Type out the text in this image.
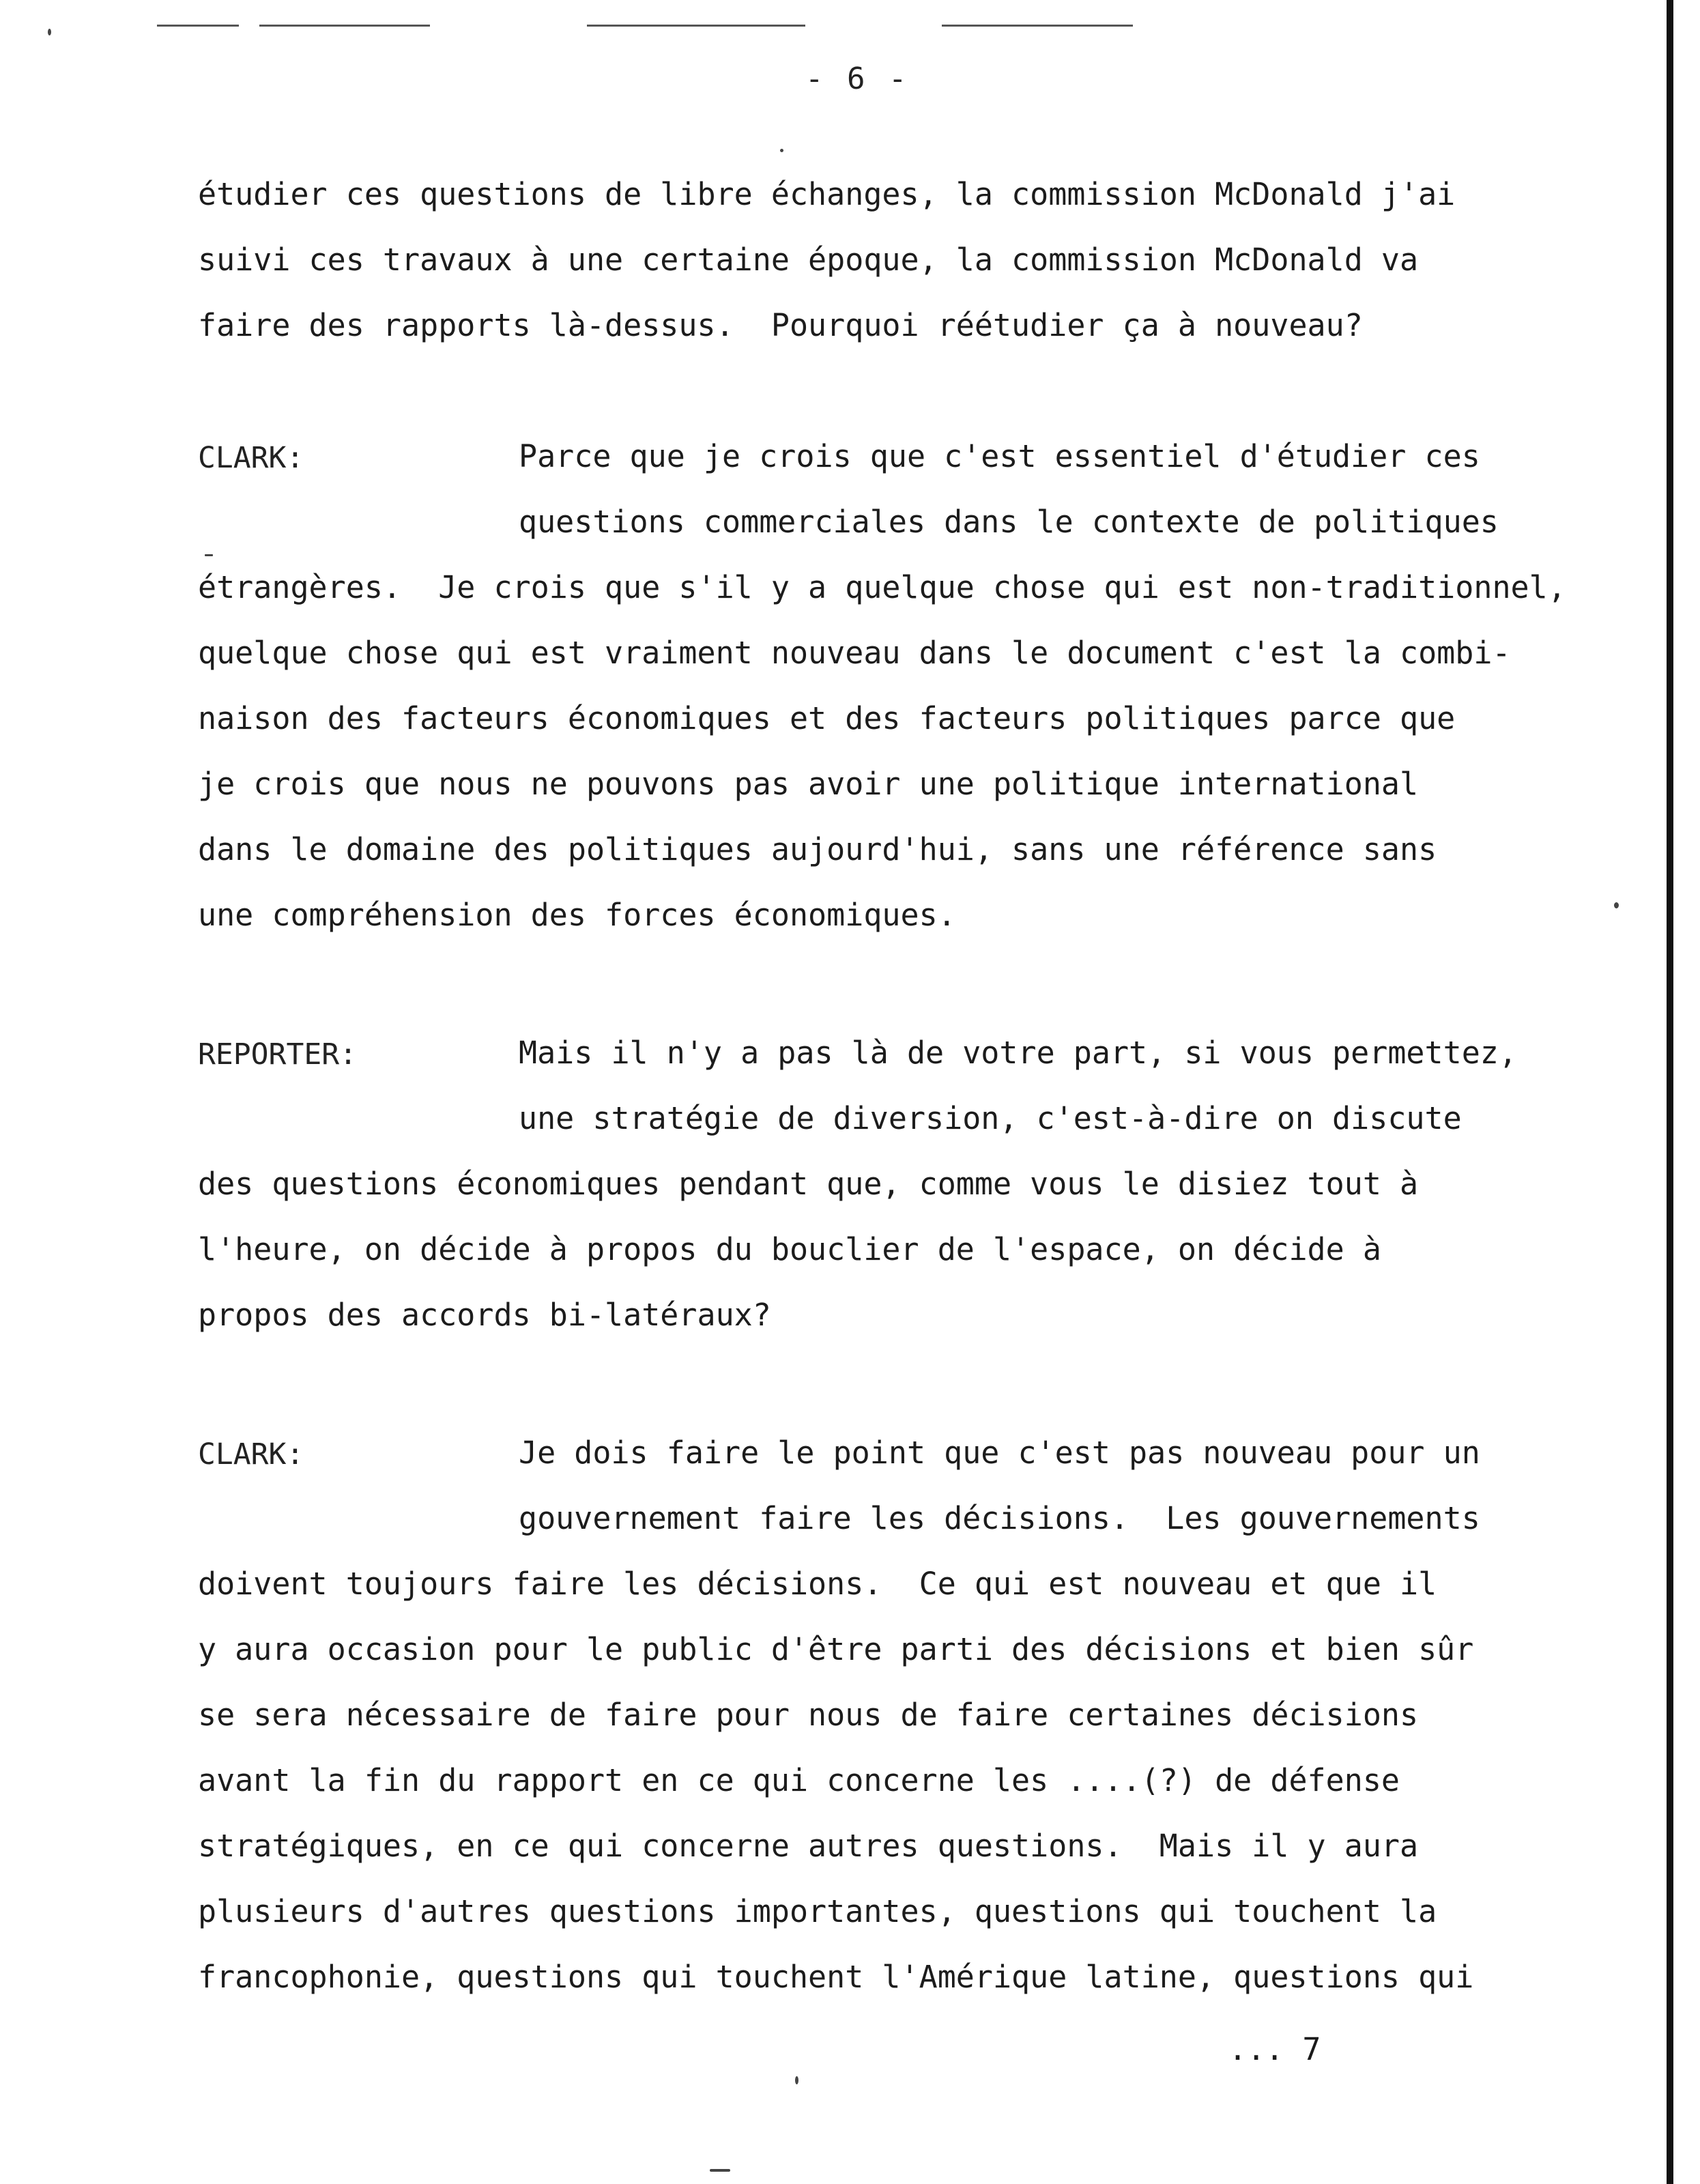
- 6 -
étudier ces questions de libre échanges, la commission McDonald j'ai
suivi ces travaux à une certaine époque, la commission McDonald va
faire des rapports là-dessus.  Pourquoi réétudier ça à nouveau?
CLARK:	Parce que je crois que c'est essentiel d'étudier ces
questions commerciales dans le contexte de politiques
étrangères.  Je crois que s'il y a quelque chose qui est non-traditionnel,
quelque chose qui est vraiment nouveau dans le document c'est la combi-
naison des facteurs économiques et des facteurs politiques parce que
je crois que nous ne pouvons pas avoir une politique international
dans le domaine des politiques aujourd'hui, sans une référence sans
une compréhension des forces économiques.
REPORTER:	Mais il n'y a pas là de votre part, si vous permettez,
une stratégie de diversion, c'est-à-dire on discute
des questions économiques pendant que, comme vous le disiez tout à
l'heure, on décide à propos du bouclier de l'espace, on décide à
propos des accords bi-latéraux?
CLARK:	Je dois faire le point que c'est pas nouveau pour un
gouvernement faire les décisions.  Les gouvernements
doivent toujours faire les décisions.  Ce qui est nouveau et que il
y aura occasion pour le public d'être parti des décisions et bien sûr
se sera nécessaire de faire pour nous de faire certaines décisions
avant la fin du rapport en ce qui concerne les ....(?) de défense
stratégiques, en ce qui concerne autres questions.  Mais il y aura
plusieurs d'autres questions importantes, questions qui touchent la
francophonie, questions qui touchent l'Amérique latine, questions qui
... 7
